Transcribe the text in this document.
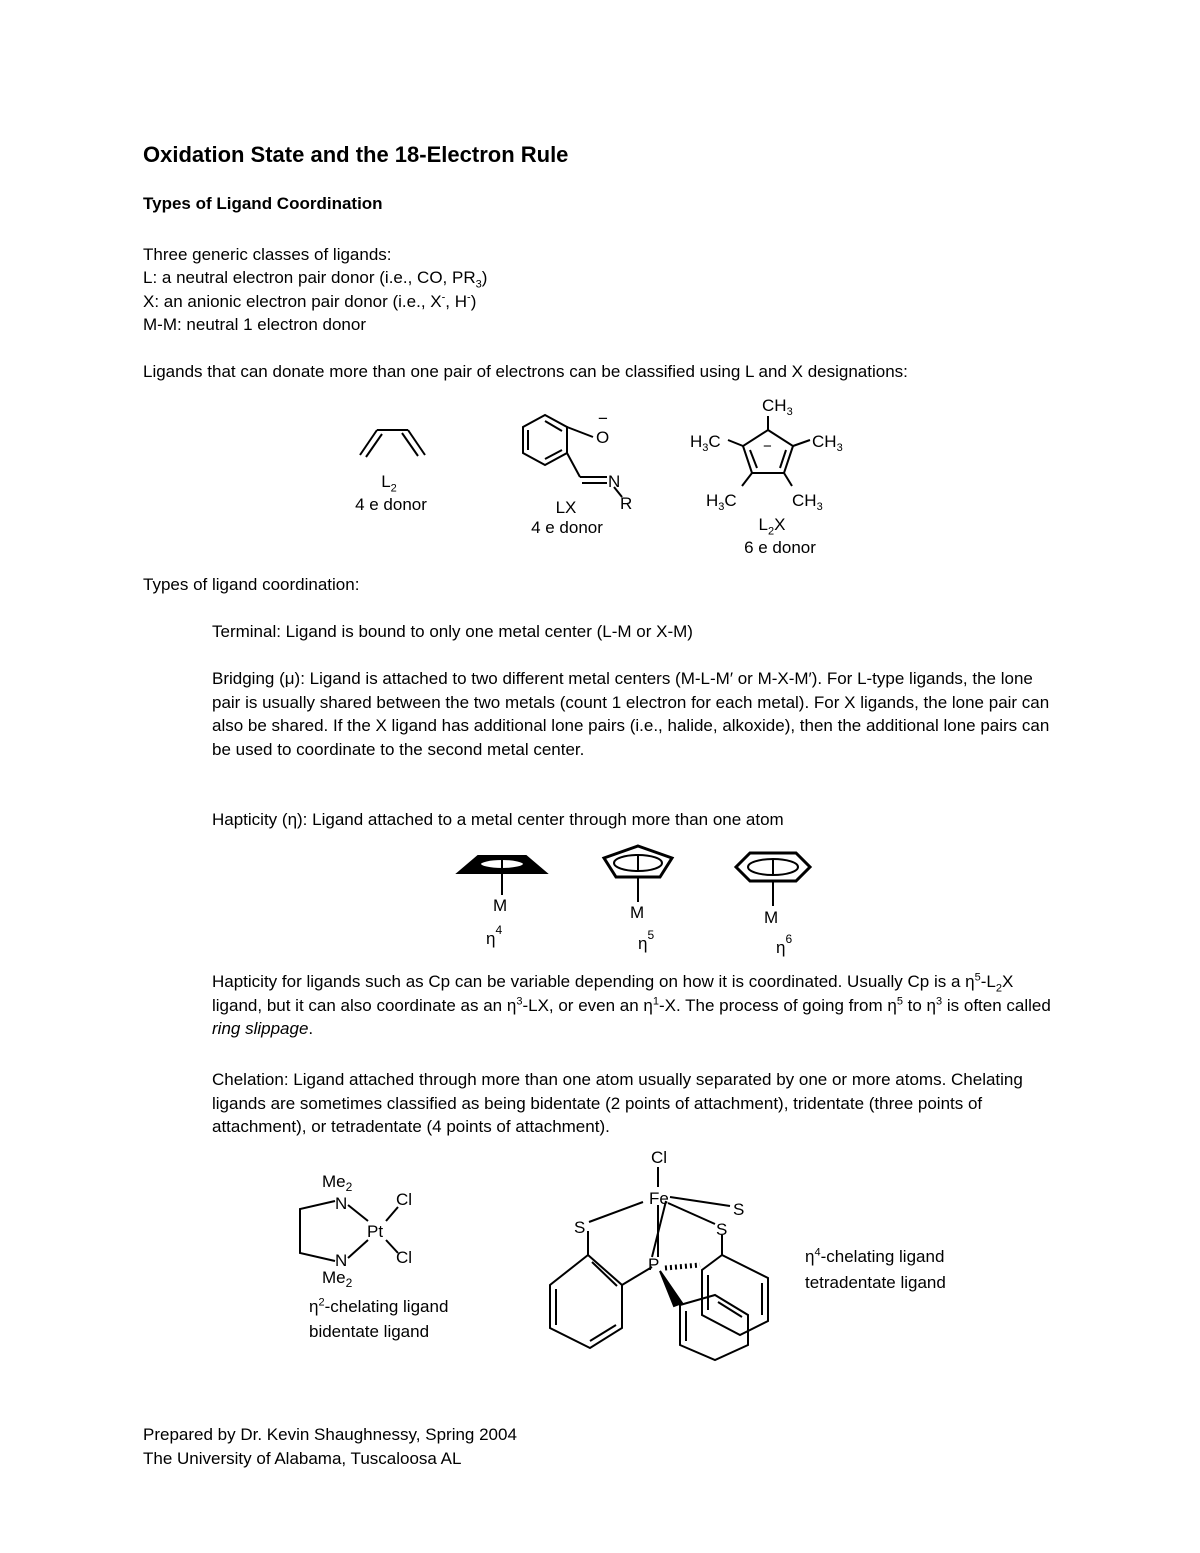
Oxidation State and the 18-Electron Rule
Types of Ligand Coordination

Three generic classes of ligands:

L: a neutral electron pair donor (i.e., CO, $PR_3$)

X: an anionic electron pair donor (i.e., X-, H-)

M-M: neutral 1 electron donor

Ligands that can donate more than one pair of electrons can be classified using L and X designations:

$L_2$
4 e donor
O
−
N
R
LX
4 e donor
$CH_3$
$CH_3$
$H_3C$
$H_3C$	$CH_3$
−
$L_2X$
6 e donor

Types of ligand coordination:

Terminal: Ligand is bound to only one metal center (L-M or X-M)

Bridging (μ): Ligand is attached to two different metal centers (M-L-M′ or M-X-M′). For L-type ligands, the lone pair is usually shared between the two metals (count 1 electron for each metal). For X ligands, the lone pair can also be shared. If the X ligand has additional lone pairs (i.e., halide, alkoxide), then the additional lone pairs can be used to coordinate to the second metal center.

Hapticity (η): Ligand attached to a metal center through more than one atom

M
$\eta^4$
M
$\eta^5$
M
$\eta^6$

Hapticity for ligands such as Cp can be variable depending on how it is coordinated. Usually Cp is a $\eta^5-L_2X$ ligand, but it can also coordinate as an $\eta^3-LX$, or even an $\eta^1-X$. The process of going from $\eta^5$ to $\eta^3$ is often called ring slippage.

Chelation: Ligand attached through more than one atom usually separated by one or more atoms. Chelating ligands are sometimes classified as being bidentate (2 points of attachment), tridentate (three points of attachment), or tetradentate (4 points of attachment).

$Me_2$
N
N
$Me_2$
Pt
Cl
Cl
$\eta^2$-chelating ligand
bidentate ligand
Cl
Fe
S
S
S
P	$\eta^4$-chelating ligand
tetradentate ligand

Prepared by Dr. Kevin Shaughnessy, Spring 2004

The University of Alabama, Tuscaloosa AL
